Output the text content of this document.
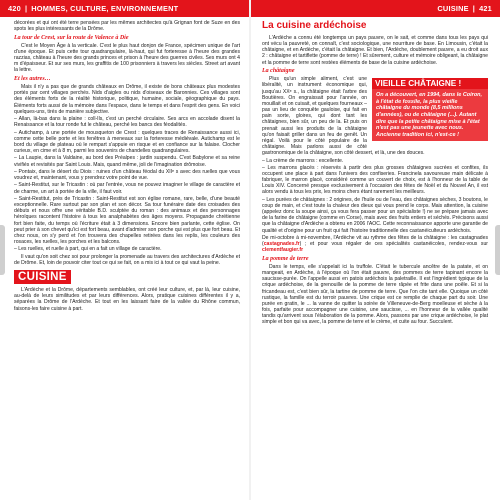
420 | HOMMES, CULTURE, ENVIRONNEMENT	CUISINE | 421

décorées et qui ont été terre pensées par les mêmes architectes qu'à Grignan font de Suze en des spots les plus intéressants de la Drôme.

La tour de Crest, sur la route de Valence à Die

C'est le Moyen Âge à la verticale. C'est le plus haut donjon de France, spécimen unique de l'art d'une époque. Et puis cette tour quadrangulaire, là-haut, qui fut forteresse à l'heure des grandes razzias, château à l'heure des grands princes et prison à l'heure des guerres civiles. Ses murs ont 4 m d'épaisseur. Et sur ses murs, les graffitis de 100 prisonniers à travers les siècles. Street art avant la lettre.

Et les autres…

Mais il n'y a pas que de grands châteaux en Drôme, il existe de bons châteaux plus modestes portés par cent villages perchés. Nids d'aigles ou nids d'oiseaux de Baronnies. Ces villages sont des éléments forts de la réalité historique, politique, humaine, sociale, géographique du pays. Éléments forts aussi de la mémoire dans l'espace, dans le temps et dans l'esprit des gens. En voici quelques-uns, tirés de manière subjective.

– Allan, là-bas dans la plaine : coll-Ils, c'est un perché circulaire. Ses arcs en accolade disent la Renaissance et la tour ronde fut le château, perché les bancs des féodalités.

– Autichamp, à une portée de mousqueton de Crest : quelques traces de Renaissance aussi ici, comme cette belle porte et les fenêtres à meneaux sur la forteresse médiévale. Autichamp est le bord du village de plateau où le rempart s'appuie en risque et en confiance sur la falaise. Clocher curieux, en cime et à 8 m, parmi les souvenirs de chandelles quadrangulaires.

– La Laupie, dans la Valdaine, au bord des Préalpes : jardin suspendu. C'est Babylone et sa reine vivifiés et revisités par Saint Louis. Mais, quand même, joli de l'imagination drômoise.

– Pontaix, dans le désert du Diois : ruines d'un château féodal du XIIᵉ s avec des ruelles que vous voudrez et, maintenant, vous y prendrez votre point de vue.

– Saint-Restitut, sur le Tricastin : où par l'entrée, vous ne pouvez imaginer le village de caractère et de charme, un art à portée de la ville, il faut voir.

– Saint-Restitut, près de Tricastin : Saint-Restitut est son église romane, rare, belle, d'une beauté exceptionnelle. Rare surtout par son plan et son décor. Sa tour funéraire date des croisades des débuts et nous offre une véritable B.D. sculptée du roman : des animaux et des personnages héroïques racontent l'histoire à tous les analphabètes des âges moyens. Propagande chrétienne fort bien faite, du temps où l'écriture était à 3 dimensions. Encore bien parlante, cette église. On peut prier à son chevet qu'ici est fort beau, avant d'admirer son porche qui est plus que fort beau. Et chez nous, on s'y perd et l'on trouvera des chapelles retirées dans les replis, les couleurs des rosaces, les ruelles, les porches et les balcons.

– Les ruelles, et ruelle à part, qui en a fait un village de caractère.

Il vaut qu'on soit chez soi pour prolonger la promenade au travers des architectures d'Ardèche et de Drôme. Et, loin de pouvoir citer tout ce qui se fait, on a mis ici à tout ce qui vaut la peine.

CUISINE

L'Ardèche et la Drôme, départements semblables, ont créé leur culture, et, par là, leur cuisine, au-delà de leurs similitudes et par leurs différences. Alors, pratique cuisines différentes il y a, séparées la Drôme de l'Ardèche. Et tout en les laissant faire de la vallée du Rhône commun, faisons-les faire cuisine à part.

La cuisine ardéchoise

L'Ardèche a connu été longtemps un pays pauvre, on le sait, et comme dans tous les pays qui ont vécu la pauvreté, on connaît, c'est sociologique, une nourriture de base. En Limousin, c'était la châtaigne, et en Ardèche, c'était la châtaigne. Et bien, l'Ardèche, doublement pauvre, a eu droit aux 2 : châtaigne et tartiflette (pomme de terre) ! Et sûrement, culture et mémoire obligeant, la châtaigne et la pomme de terre sont restées éléments de base de la cuisine ardéchoise.

La châtaigne
VIEILLE CHÂTAIGNE !
On a découvert, en 1994, dans le Coiron, à l'état de fossile, la plus vieille châtaigne du monde (8,5 millions d'années), ou de châtaigne (...). Autant dire que la petite châtaigne mise à l'état n'est pas une jeunette avec nous. Ancienne tradition ici, n'est-ce !

Plus qu'un simple aliment, c'est une libéralité, un instrument économique qui, jusqu'au XXᵉ s., la châtaigne était l'arbre des Boutières. On engraissait pour l'année, on mouillait et on cuisait, et quelques fourneaux – pas un lieu de conquête gauloise, qui fait en pain sorte, gloires, qui dont tant les châtaignes, bien sûr, un peu de la. Et puis on prenait aussi les produits de la châtaigne qu'on faisait griller dans un feu de genêt. Un régal. Voilà pour le côté populaire de la châtaigne. Mais parlons aussi de côté gastronomique de la châtaigne, son côté dessert, et là, une des douces.

– La crème de marrons : excellente.

– Les marrons glacés : réservés à partir des plus grosses châtaignes sucrées et confites, ils occupent une place à part dans l'univers des confiseries. Francinela savoureuse main délicate à fabriquer, le marron glacé, considéré comme un couvert de choix, est à l'honneur de la table de Louis XIV. Concerné presque exclusivement à l'occasion des fêtes de Noël et du Nouvel An, il est alors vendu à tous les prix, les moins chers étant rarement les meilleurs.

– Les purées de châtaignes : 2 origines, de l'huile ou de l'eau, des châtaignes sèches, 3 boutons, le coup de main, et c'est toute la chaleur des dieux qui vous prend le corps. Mais attention, la cuisine (appelez donc la soupe ainsi, ça vous fera passer pour un spécialiste !) ne se prépare jamais avec de la farine de châtaigne (comme en Corse), mais avec des fruits entiers et séchés. Précisons aussi que la châtaigne d'Ardèche a obtenu en 2006 l'AOC. Cette reconnaissance apporte une garantie de qualité et d'origine pour un fruit qui fait l'histoire traditionnelle des castanéiculteurs ardéchois.

De mi-octobre à mi-novembre, l'Ardèche vit au rythme des fêtes de la châtaigne : les castagnades (castagnades.fr) ; et pour vous régaler de ces spécialités castanéicoles, rendez-vous sur clementfaugier.fr

La pomme de terre

Dans le temps, elle s'appelait ici la truffole. C'était le tubercule ancêtre de la patate, et on mangeait, en Ardèche, à l'époque où l'on était pauvre, des pommes de terre tapinant encore la saucisse-purée. On l'appelle aussi en patois ardéchois la paletraille. Il est l'ingrédient typique de la crique ardéchoise, de la grenouille de la pomme de terre râpée et frite dans une poêle. Et si la fricandeau est, c'est bien sûr, la tartine de pomme de terre. Que l'on cite tant elle. Quoique un côté rustique, la famille est du terroir pauvres. Une crique est ce remplie de chaque part du soir. Une purée en gratin, le ... la vanne de quitter la soirée de Villeneuve-de-Berg moelleuse et sèche à la fois, parfaite pour accompagner une cuisine, une saucisse, ... en l'honneur de la vallée qualité tandis qu'arrivent sous l'élaboration de la pomme. Alors, passons par une crique ardéchoise, le plat simple et bon qui va avec, la pomme de terre et le crème, et cuite au four. Succulent.
